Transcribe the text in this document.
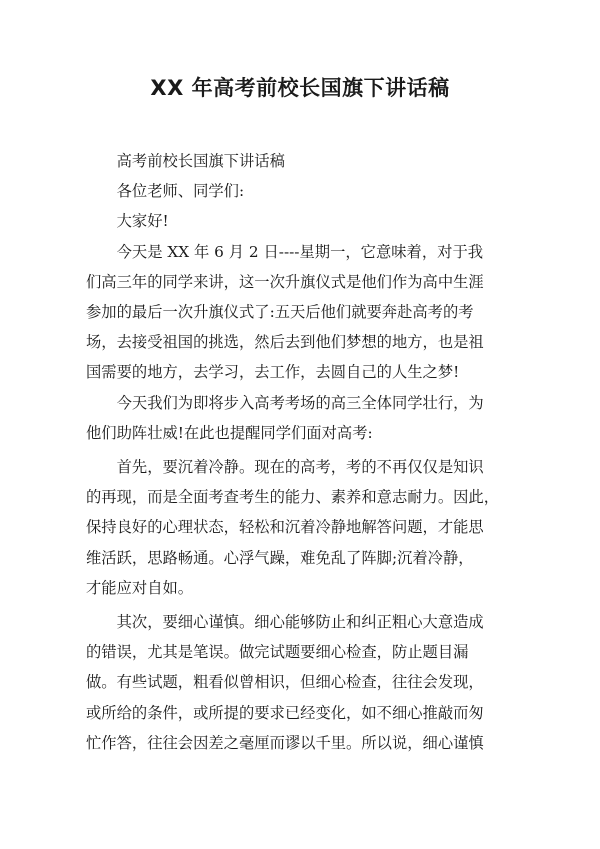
XX 年高考前校长国旗下讲话稿

高考前校长国旗下讲话稿

各位老师、同学们:

大家好!

今天是 XX 年 6 月 2 日----星期一，它意味着，对于我
们高三年的同学来讲，这一次升旗仪式是他们作为高中生涯
参加的最后一次升旗仪式了:五天后他们就要奔赴高考的考
场，去接受祖国的挑选，然后去到他们梦想的地方，也是祖
国需要的地方，去学习，去工作，去圆自己的人生之梦!

今天我们为即将步入高考考场的高三全体同学壮行，为
他们助阵壮威!在此也提醒同学们面对高考:

首先，要沉着冷静。现在的高考，考的不再仅仅是知识
的再现，而是全面考查考生的能力、素养和意志耐力。因此，
保持良好的心理状态，轻松和沉着冷静地解答问题，才能思
维活跃，思路畅通。心浮气躁，难免乱了阵脚;沉着冷静，
才能应对自如。

其次，要细心谨慎。细心能够防止和纠正粗心大意造成
的错误，尤其是笔误。做完试题要细心检查，防止题目漏
做。有些试题，粗看似曾相识，但细心检查，往往会发现，
或所给的条件，或所提的要求已经变化，如不细心推敲而匆
忙作答，往往会因差之毫厘而谬以千里。所以说，细心谨慎
